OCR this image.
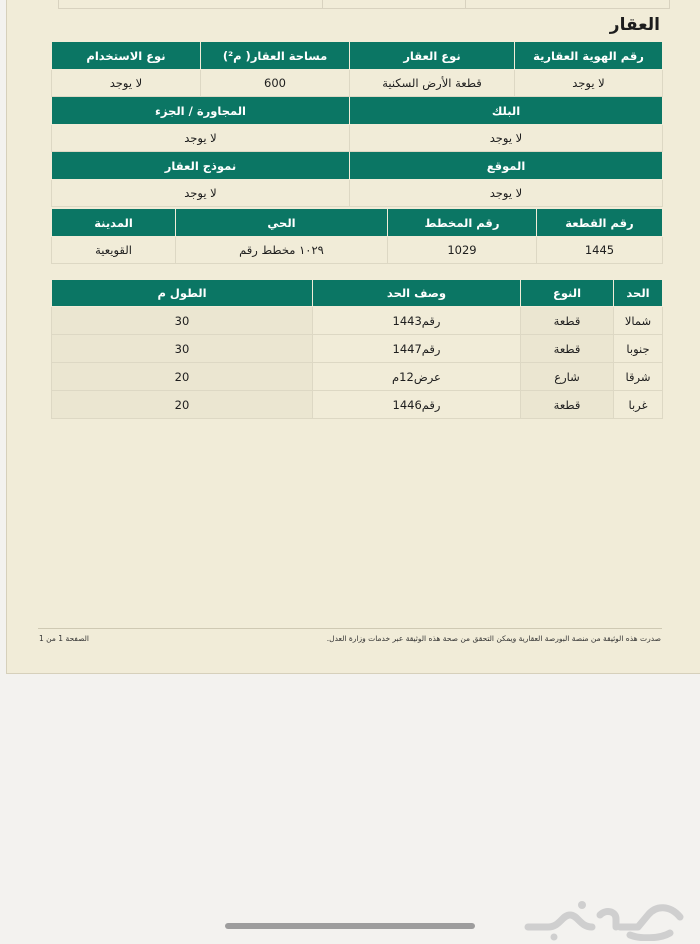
العقار
رقم الهوية العقارية	نوع العقار	مساحة العقار( م²)	نوع الاستخدام
لا يوجد	قطعة الأرض السكنية	600	لا يوجد
البلك		المجاورة / الجزء	
لا يوجد		لا يوجد	
الموقع		نموذج العقار	
لا يوجد		لا يوجد	
رقم القطعة	رقم المخطط	الحي	المدينة
1445	1029	١٠٢٩ مخطط رقم	القويعية
الحد	النوع	وصف الحد	الطول م
شمالا	قطعة	رقم1443	30
جنوبا	قطعة	رقم1447	30
شرقا	شارع	عرض12م	20
غربا	قطعة	رقم1446	20
صدرت هذه الوثيقة من منصة البورصة العقارية ويمكن التحقق من صحة هذه الوثيقة عبر خدمات وزارة العدل.
الصفحة 1 من 1
